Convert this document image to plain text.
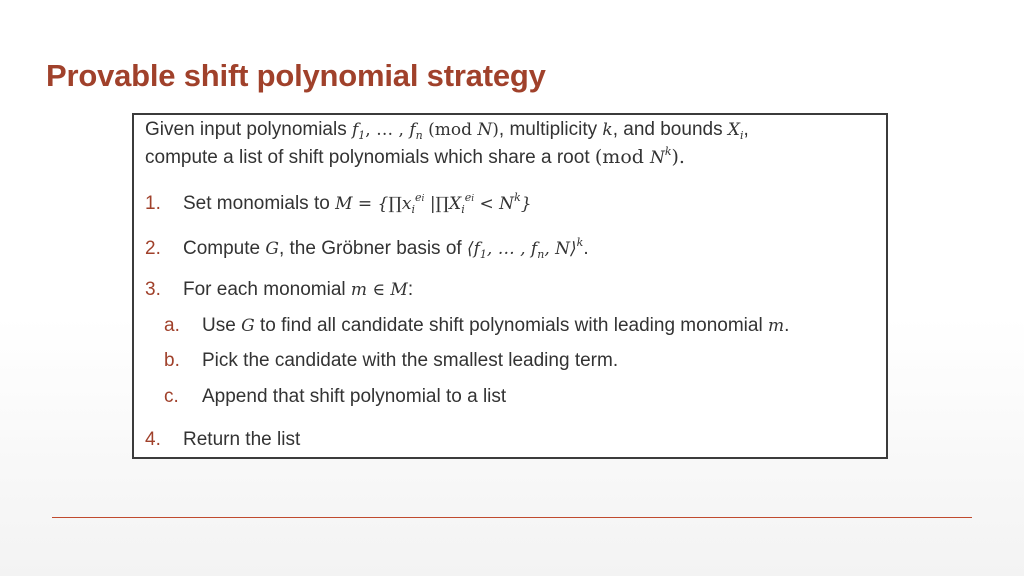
Provable shift polynomial strategy
Given input polynomials $f_1$, … , $f_n$ (mod N), multiplicity k, and bounds $X_i$,
compute a list of shift polynomials which share a root (mod $N^k$).
1. Set monomials to $M = \{\prod x_i^{ei}$ $|\prod X_i^{ei} < N^k$}
2. Compute G, the Gröbner basis of $⟨f_1$, … , $f_n$, N⟩$^k$.
3. For each monomial m ∈ M:
a. Use G to find all candidate shift polynomials with leading monomial m.
b. Pick the candidate with the smallest leading term.
c. Append that shift polynomial to a list
4. Return the list
